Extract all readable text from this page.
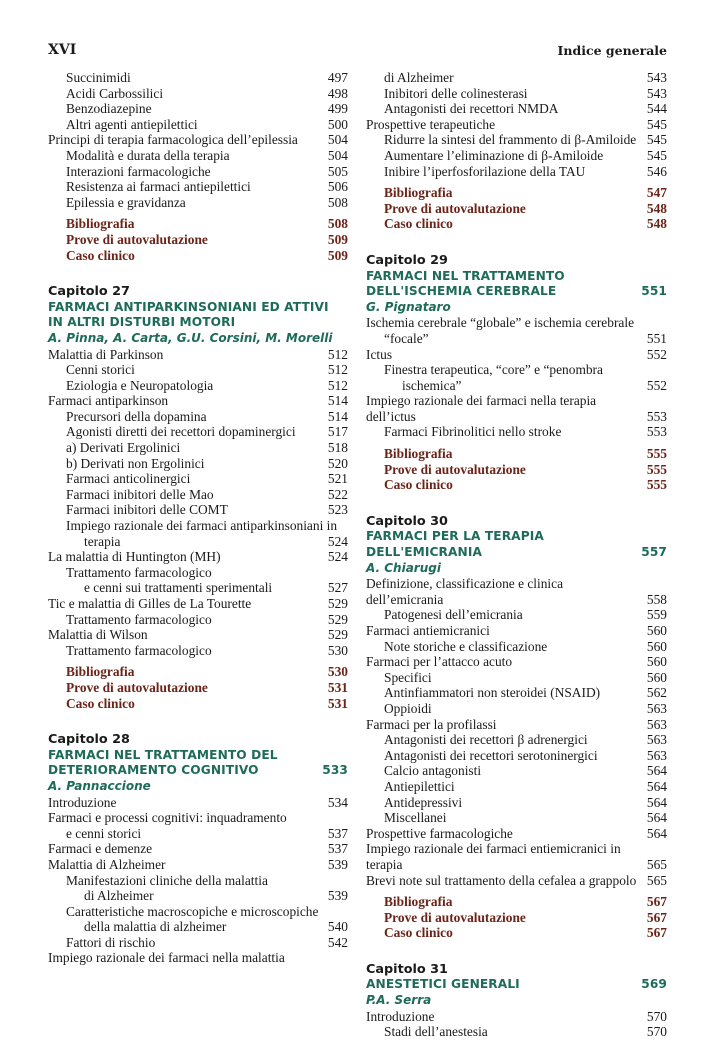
XVI	Indice generale
Succinimidi	497
Acidi Carbossilici	498
Benzodiazepine	499
Altri agenti antiepilettici	500
Principi di terapia farmacologica dell’epilessia	504
Modalità e durata della terapia	504
Interazioni farmacologiche	505
Resistenza ai farmaci antiepilettici	506
Epilessia e gravidanza	508
Bibliografia	508
Prove di autovalutazione	509
Caso clinico	509
Capitolo 27
FARMACI ANTIPARKINSONIANI ED ATTIVI
IN ALTRI DISTURBI MOTORI
A. Pinna, A. Carta, G.U. Corsini, M. Morelli
Malattia di Parkinson	512
Cenni storici	512
Eziologia e Neuropatologia	512
Farmaci antiparkinson	514
Precursori della dopamina	514
Agonisti diretti dei recettori dopaminergici	517
a) Derivati Ergolinici	518
b) Derivati non Ergolinici	520
Farmaci anticolinergici	521
Farmaci inibitori delle Mao	522
Farmaci inibitori delle COMT	523
Impiego razionale dei farmaci antiparkinsoniani in
terapia	524
La malattia di Huntington (MH)	524
Trattamento farmacologico
e cenni sui trattamenti sperimentali	527
Tic e malattia di Gilles de La Tourette	529
Trattamento farmacologico	529
Malattia di Wilson	529
Trattamento farmacologico	530
Bibliografia	530
Prove di autovalutazione	531
Caso clinico	531
Capitolo 28
FARMACI NEL TRATTAMENTO DEL
DETERIORAMENTO COGNITIVO	533
A. Pannaccione
Introduzione	534
Farmaci e processi cognitivi: inquadramento
e cenni storici	537
Farmaci e demenze	537
Malattia di Alzheimer	539
Manifestazioni cliniche della malattia
di Alzheimer	539
Caratteristiche macroscopiche e microscopiche
della malattia di alzheimer	540
Fattori di rischio	542
Impiego razionale dei farmaci nella malattia
di Alzheimer	543
Inibitori delle colinesterasi	543
Antagonisti dei recettori NMDA	544
Prospettive terapeutiche	545
Ridurre la sintesi del frammento di β-Amiloide 545
Aumentare l’eliminazione di β-Amiloide	545
Inibire l’iperfosforilazione della TAU	546
Bibliografia	547
Prove di autovalutazione	548
Caso clinico	548
Capitolo 29
FARMACI NEL TRATTAMENTO
DELL'ISCHEMIA CEREBRALE	551
G. Pignataro
Ischemia cerebrale “globale” e ischemia cerebrale
“focale”	551
Ictus	552
Finestra terapeutica, “core” e “penombra
ischemica”	552
Impiego razionale dei farmaci nella terapia dell’ictus	553
Farmaci Fibrinolitici nello stroke	553
Bibliografia	555
Prove di autovalutazione	555
Caso clinico	555
Capitolo 30
FARMACI PER LA TERAPIA
DELL'EMICRANIA	557
A. Chiarugi
Definizione, classificazione e clinica dell’emicrania	558
Patogenesi dell’emicrania	559
Farmaci antiemicranici	560
Note storiche e classificazione	560
Farmaci per l’attacco acuto	560
Specifici	560
Antinfiammatori non steroidei (NSAID)	562
Oppioidi	563
Farmaci per la profilassi	563
Antagonisti dei recettori β adrenergici	563
Antagonisti dei recettori serotoninergici	563
Calcio antagonisti	564
Antiepilettici	564
Antidepressivi	564
Miscellanei	564
Prospettive farmacologiche	564
Impiego razionale dei farmaci entiemicranici in terapia	565
Brevi note sul trattamento della cefalea a grappolo 565
Bibliografia	567
Prove di autovalutazione	567
Caso clinico	567
Capitolo 31
ANESTETICI GENERALI	569
P.A. Serra
Introduzione	570
Stadi dell’anestesia	570
